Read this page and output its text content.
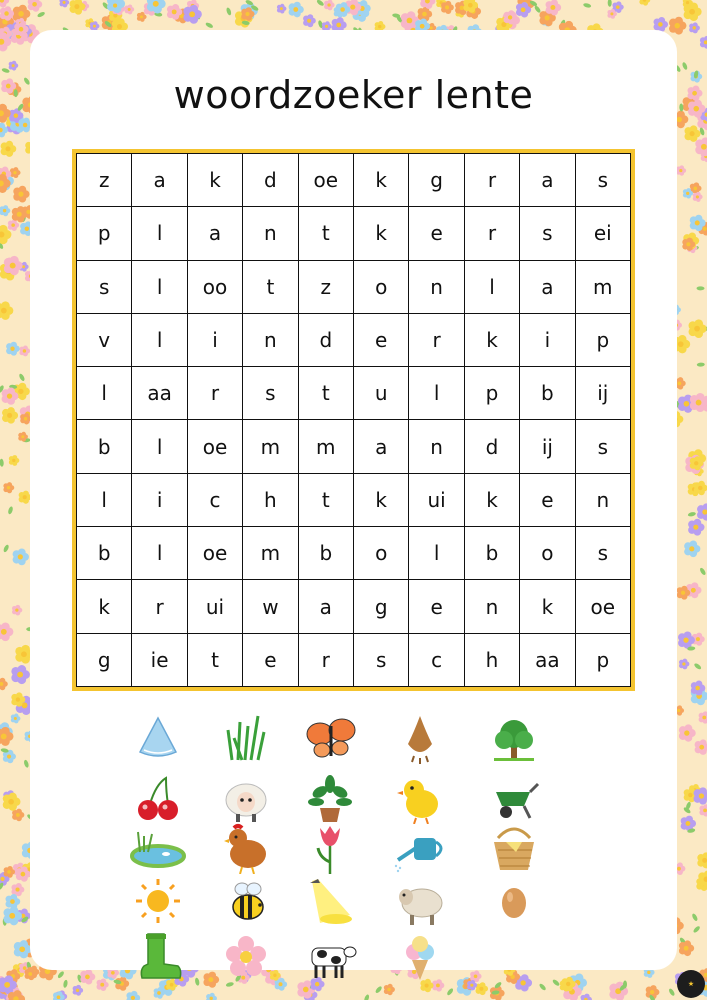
woordzoeker lente
z	a	k	d	oe	k	g	r	a	s
p	l	a	n	t	k	e	r	s	ei
s	l	oo	t	z	o	n	l	a	m
v	l	i	n	d	e	r	k	i	p
l	aa	r	s	t	u	l	p	b	ij
b	l	oe	m	m	a	n	d	ij	s
l	i	c	h	t	k	ui	k	e	n
b	l	oe	m	b	o	l	b	o	s
k	r	ui	w	a	g	e	n	k	oe
g	ie	t	e	r	s	c	h	aa	p
★
